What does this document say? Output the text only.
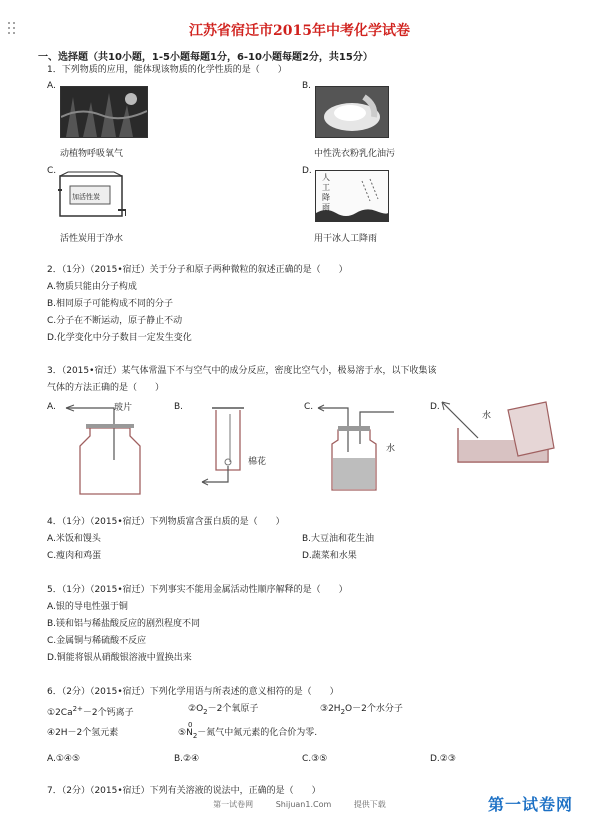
江苏省宿迁市2015年中考化学试卷
一、选择题（共10小题，1-5小题每题1分，6-10小题每题2分，共15分）
1．下列物质的应用，能体现该物质的化学性质的是（　　）
A.
动植物呼吸氧气
B.
中性洗衣粉乳化油污
C.
加活性炭
活性炭用于净水
D.
人工降雨
用干冰人工降雨
2．（1分）（2015•宿迁）关于分子和原子两种微粒的叙述正确的是（　　）
A.物质只能由分子构成
B.相同原子可能构成不同的分子
C.分子在不断运动，原子静止不动
D.化学变化中分子数目一定发生变化
3．（2015•宿迁）某气体常温下不与空气中的成分反应，密度比空气小，极易溶于水，以下收集该
气体的方法正确的是（　　）
A.	玻片	B.
棉花
C.
水
D.
水
4．（1分）（2015•宿迁）下列物质富含蛋白质的是（　　）
A.米饭和馒头	B.大豆油和花生油
C.瘦肉和鸡蛋	D.蔬菜和水果
5．（1分）（2015•宿迁）下列事实不能用金属活动性顺序解释的是（　　）
A.银的导电性强于铜
B.镁和铝与稀盐酸反应的剧烈程度不同
C.金属铜与稀硫酸不反应
D.铜能将银从硝酸银溶液中置换出来
6．（2分）（2015•宿迁）下列化学用语与所表述的意义相符的是（　　）
$①2Ca^{2+}-2$个钙离子	$②O_2-2$个氧原子	$③2H_2O-2$个水分子
④2H－2个氢元素
0
$⑤N_2-$氮气中氮元素的化合价为零.
A.①④⑤	B.②④	C.③⑤	D.②③
7．（2分）（2015•宿迁）下列有关溶液的说法中，正确的是（　　）
第一试卷网	Shijuan1.Com	提供下载	第一试卷网
